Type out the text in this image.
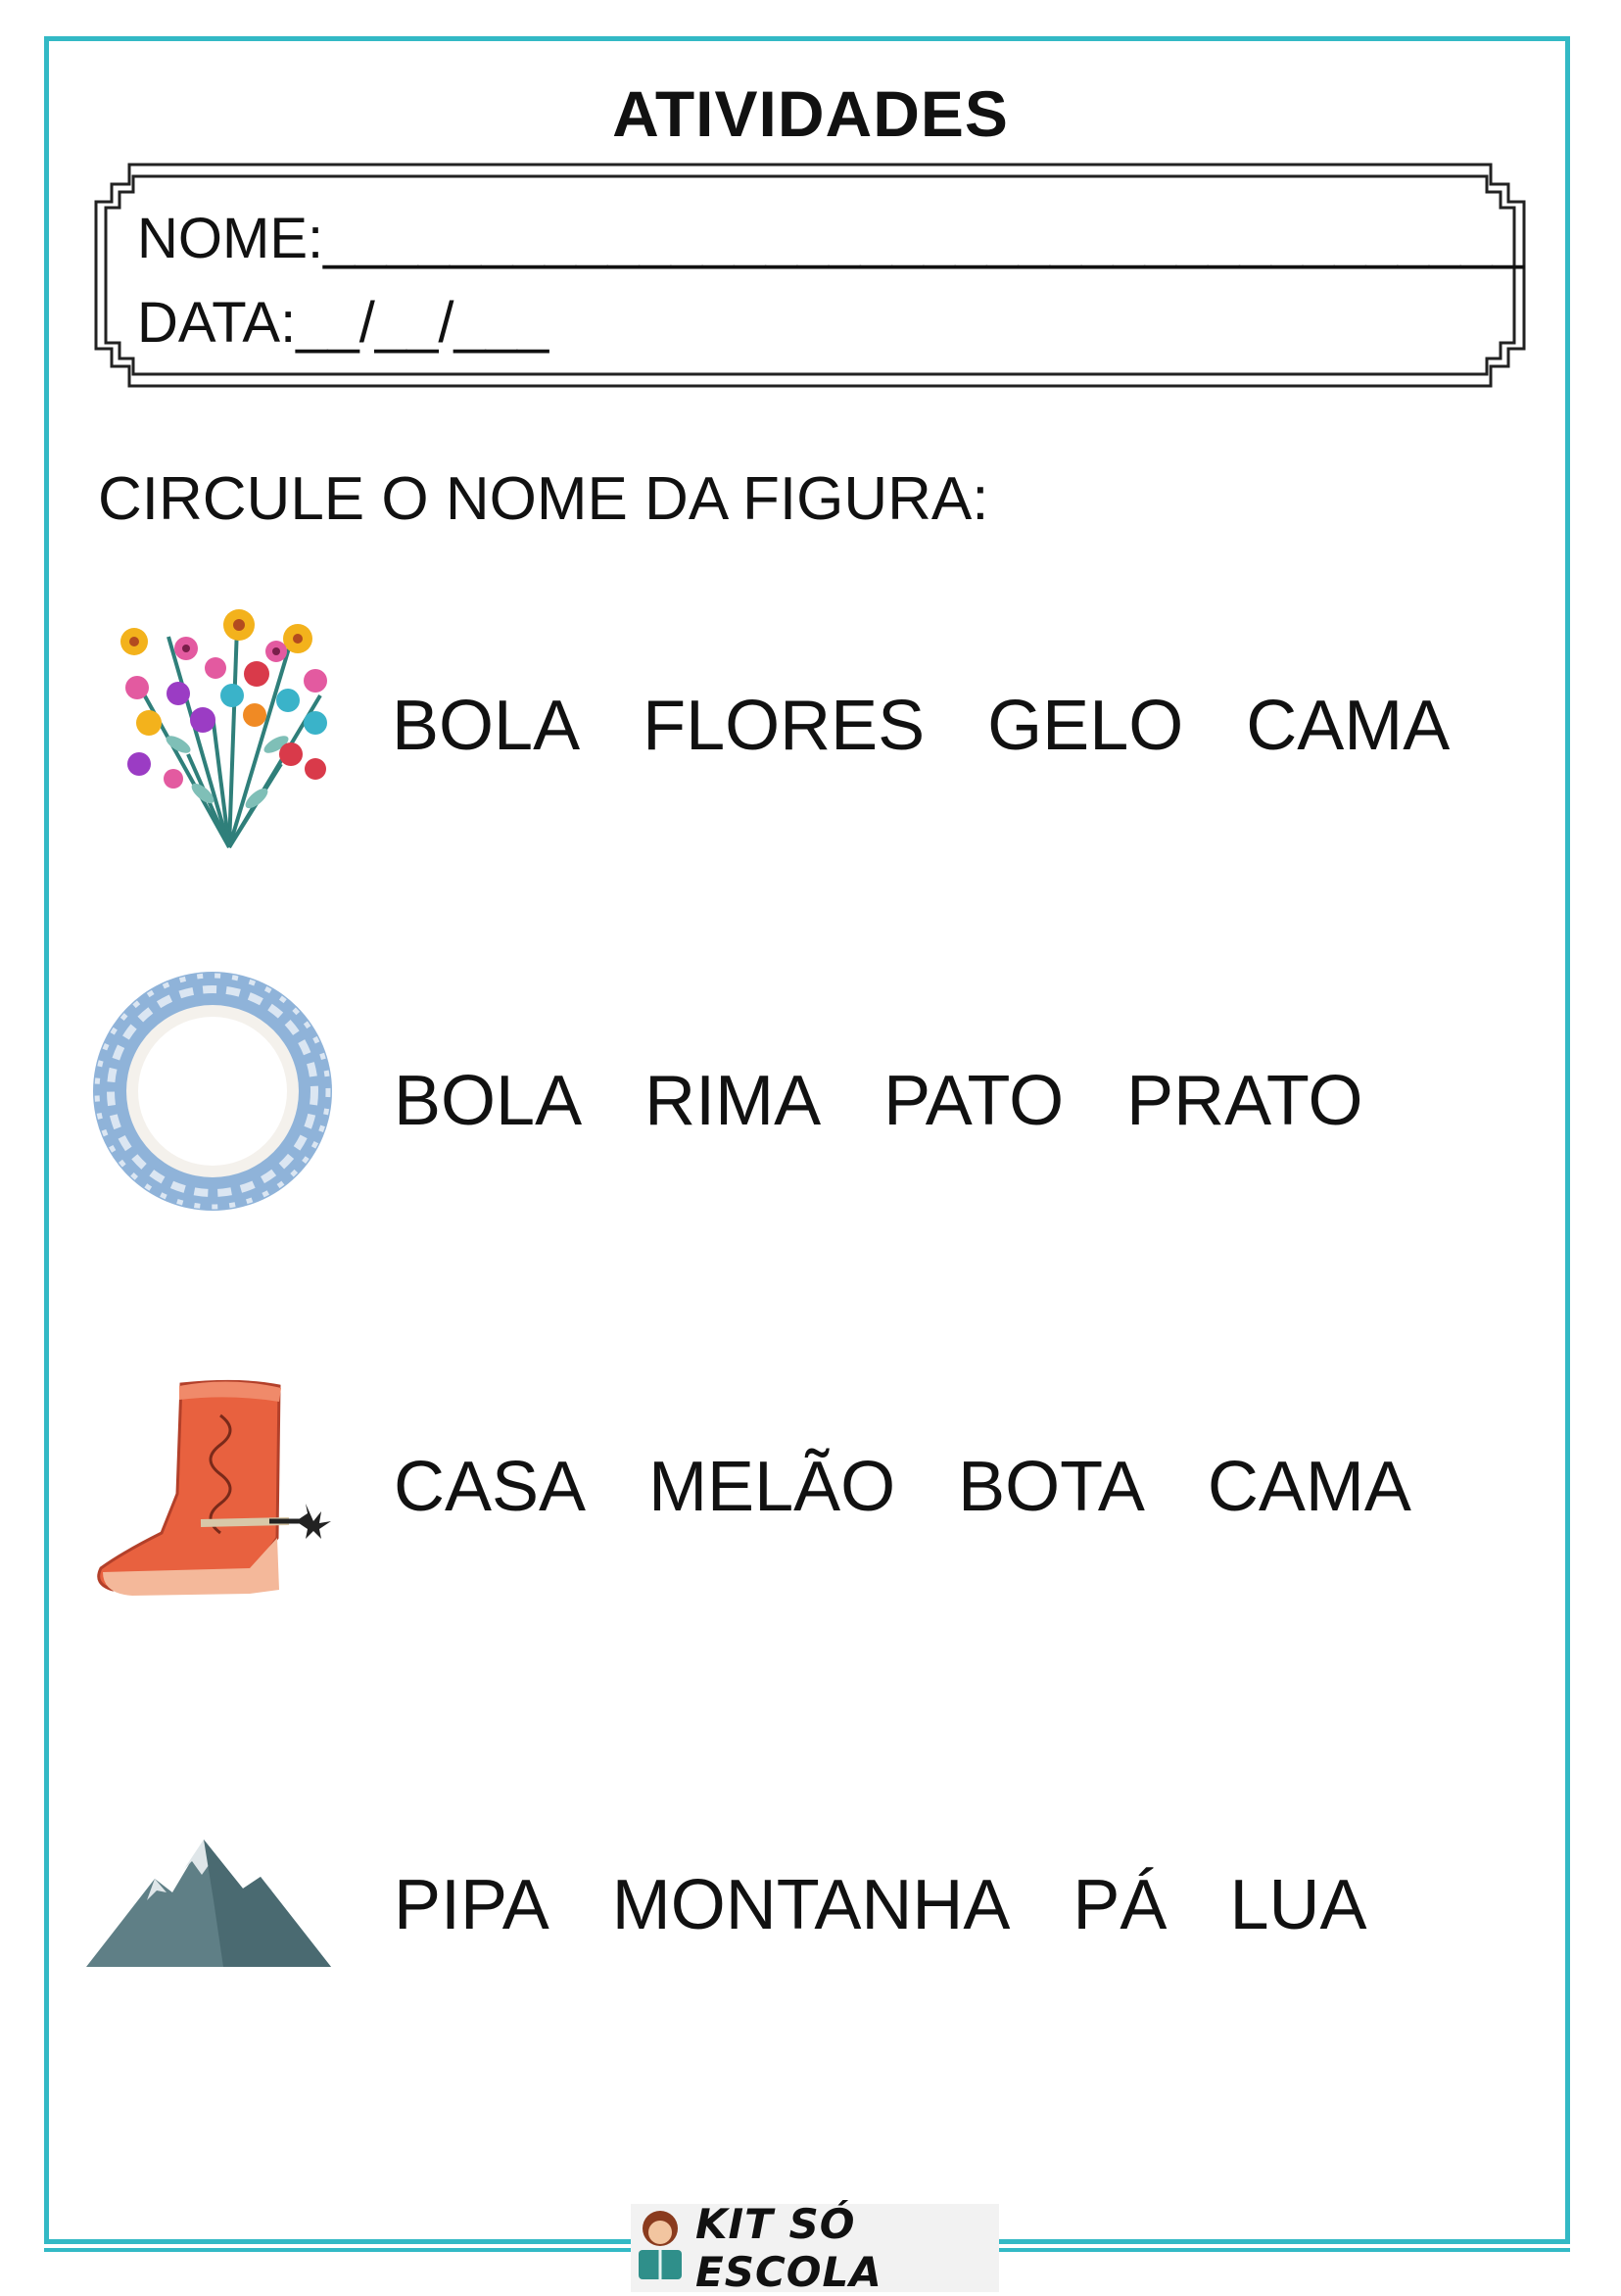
ATIVIDADES
NOME:______________________________________
DATA:__/__/___
CIRCULE O NOME DA FIGURA:
BOLA FLORES GELO CAMA
BOLA RIMA PATO PRATO
CASA MELÃO BOTA CAMA
PIPA MONTANHA PÁ LUA
KIT SÓ ESCOLA
